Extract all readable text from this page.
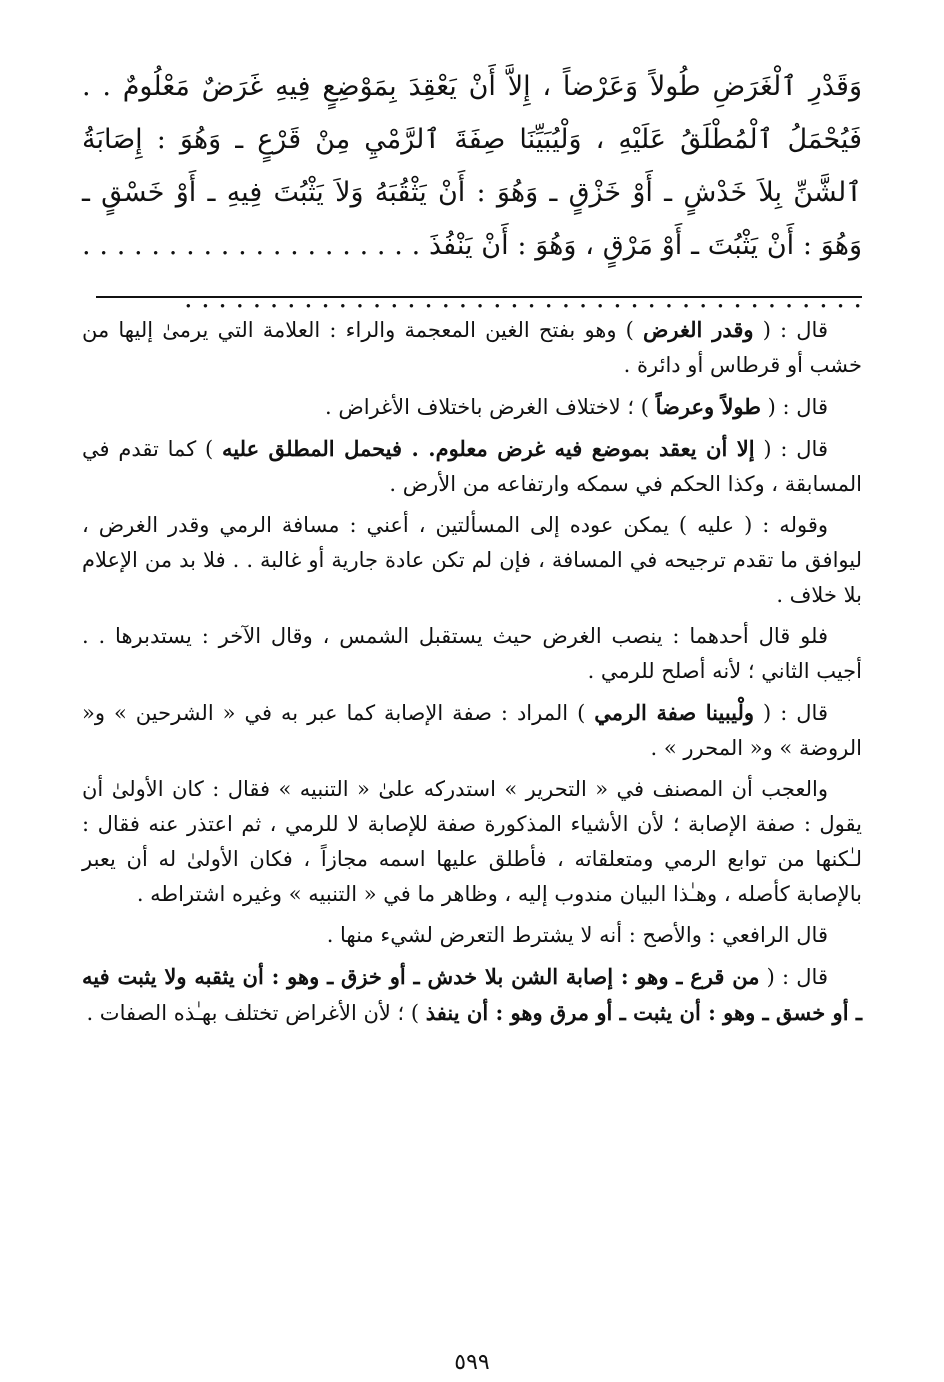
وَقَدْرِ ٱلْغَرَضِ طُولاً وَعَرْضاً ، إِلاَّ أَنْ يَعْقِدَ بِمَوْضِعٍ فِيهِ غَرَضٌ مَعْلُومٌ . . فَيُحْمَلُ ٱلْمُطْلَقُ عَلَيْهِ ، وَلْيُبَيِّنَا صِفَةَ ٱلرَّمْيِ مِنْ قَرْعٍ ـ وَهُوَ : إِصَابَةُ ٱلشَّنِّ بِلاَ خَدْشٍ ـ أَوْ خَزْقٍ ـ وَهُوَ : أَنْ يَثْقُبَهُ وَلاَ يَثْبُتَ فِيهِ ـ أَوْ خَسْقٍ ـ وَهُوَ : أَنْ يَثْبُتَ ـ أَوْ مَرْقٍ ، وَهُوَ : أَنْ يَنْفُذَ . . . . . . . . . . . . . . . . . . . . . . . . . . . . . . . . . . . . . . . . . . . . . . . . . . . . . . . . . . . .

قال : ( وقدر الغرض ) وهو بفتح الغين المعجمة والراء : العلامة التي يرمىٰ إليها من خشب أو قرطاس أو دائرة .

قال : ( طولاً وعرضاً ) ؛ لاختلاف الغرض باختلاف الأغراض .

قال : ( إلا أن يعقد بموضع فيه غرض معلوم. . فيحمل المطلق عليه ) كما تقدم في المسابقة ، وكذا الحكم في سمكه وارتفاعه من الأرض .

وقوله : ( عليه ) يمكن عوده إلى المسألتين ، أعني : مسافة الرمي وقدر الغرض ، ليوافق ما تقدم ترجيحه في المسافة ، فإن لم تكن عادة جارية أو غالبة . . فلا بد من الإعلام بلا خلاف .

فلو قال أحدهما : ينصب الغرض حيث يستقبل الشمس ، وقال الآخر : يستدبرها . . أجيب الثاني ؛ لأنه أصلح للرمي .

قال : ( ولْيبينا صفة الرمي ) المراد : صفة الإصابة كما عبر به في « الشرحين » و« الروضة » و« المحرر » .

والعجب أن المصنف في « التحرير » استدركه علىٰ « التنبيه » فقال : كان الأولىٰ أن يقول : صفة الإصابة ؛ لأن الأشياء المذكورة صفة للإصابة لا للرمي ، ثم اعتذر عنه فقال : لـٰكنها من توابع الرمي ومتعلقاته ، فأطلق عليها اسمه مجازاً ، فكان الأولىٰ له أن يعبر بالإصابة كأصله ، وهـٰذا البيان مندوب إليه ، وظاهر ما في « التنبيه » وغيره اشتراطه .

قال الرافعي : والأصح : أنه لا يشترط التعرض لشيء منها .

قال : ( من قرع ـ وهو : إصابة الشن بلا خدش ـ أو خزق ـ وهو : أن يثقبه ولا يثبت فيه ـ أو خسق ـ وهو : أن يثبت ـ أو مرق وهو : أن ينفذ ) ؛ لأن الأغراض تختلف بهـٰذه الصفات .

٥٩٩
